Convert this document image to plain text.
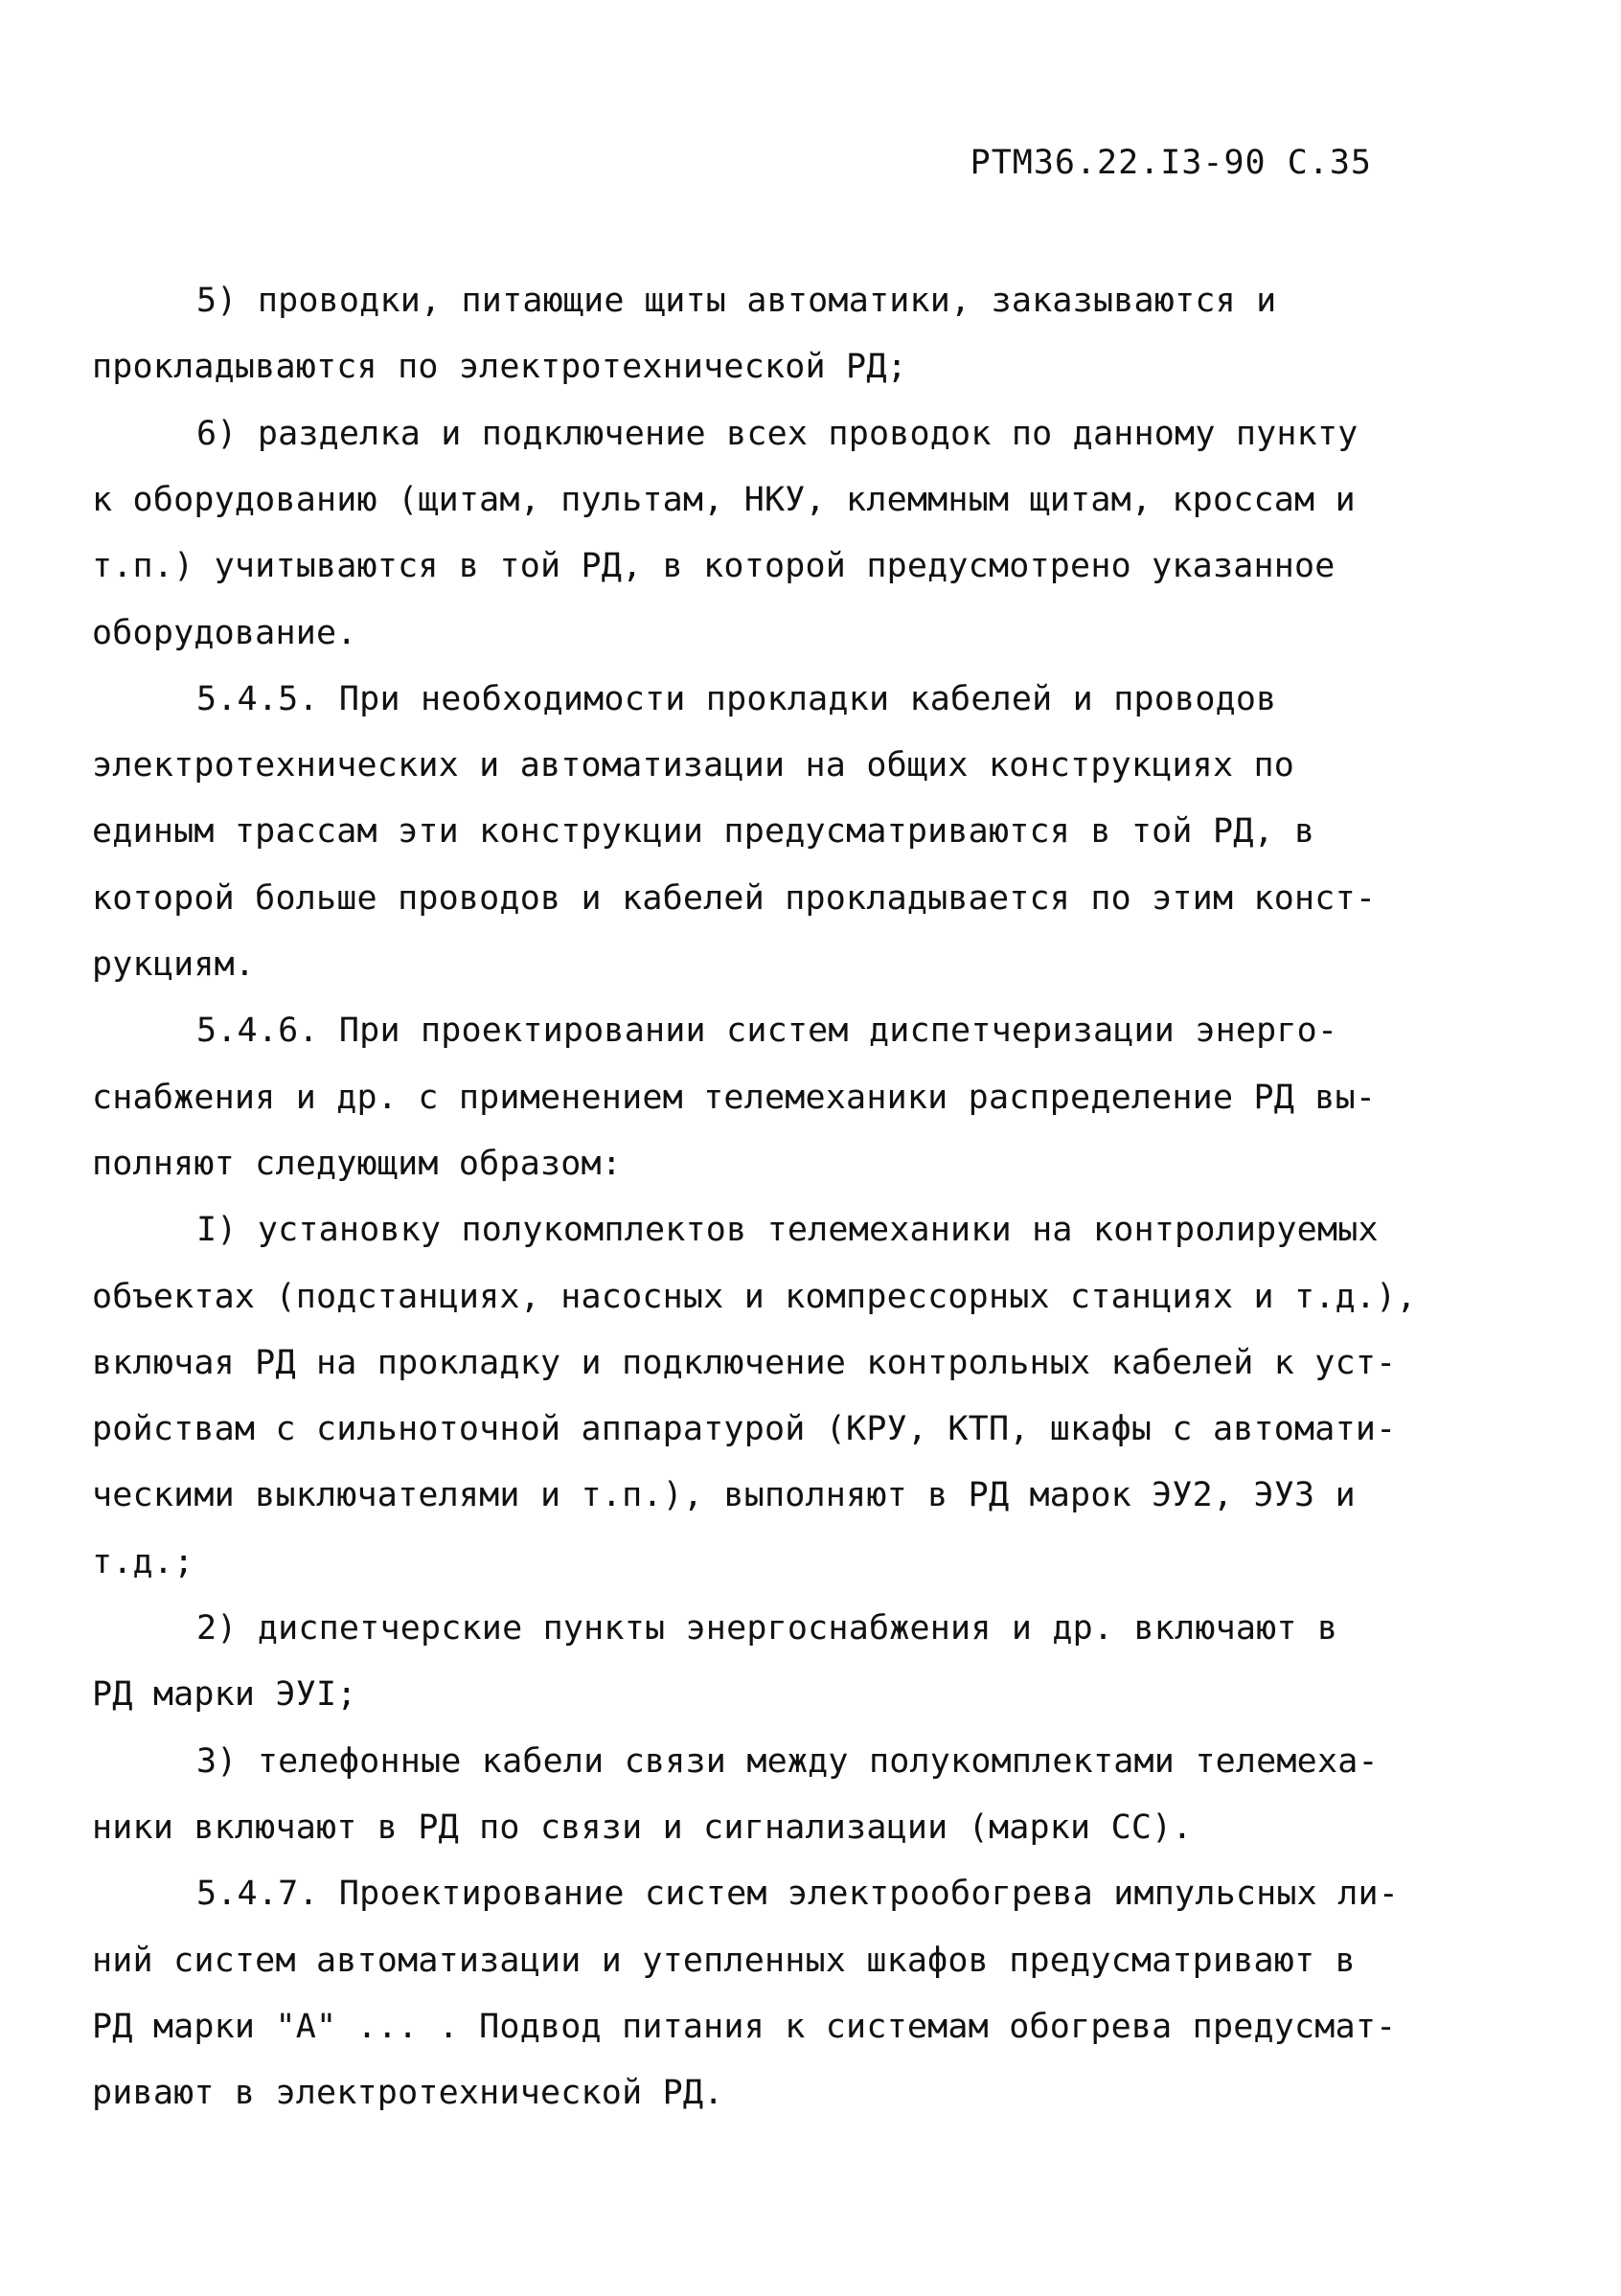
РТМ36.22.I3-90 С.35
5) проводки, питающие щиты автоматики, заказываются и
прокладываются по электротехнической РД;
6) разделка и подключение всех проводок по данному пункту
к оборудованию (щитам, пультам, НКУ, клеммным щитам, кроссам и
т.п.) учитываются в той РД, в которой предусмотрено указанное
оборудование.
5.4.5. При необходимости прокладки кабелей и проводов
электротехнических и автоматизации на общих конструкциях по
единым трассам эти конструкции предусматриваются в той РД, в
которой больше проводов и кабелей прокладывается по этим конст-
рукциям.
5.4.6. При проектировании систем диспетчеризации энерго-
снабжения и др. с применением телемеханики распределение РД вы-
полняют следующим образом:
I) установку полукомплектов телемеханики на контролируемых
объектах (подстанциях, насосных и компрессорных станциях и т.д.),
включая РД на прокладку и подключение контрольных кабелей к уст-
ройствам с сильноточной аппаратурой (КРУ, КТП, шкафы с автомати-
ческими выключателями и т.п.), выполняют в РД марок ЭУ2, ЭУЗ и
т.д.;
2) диспетчерские пункты энергоснабжения и др. включают в
РД марки ЭУI;
3) телефонные кабели связи между полукомплектами телемеха-
ники включают в РД по связи и сигнализации (марки СС).
5.4.7. Проектирование систем электрообогрева импульсных ли-
ний систем автоматизации и утепленных шкафов предусматривают в
РД марки "А" ... . Подвод питания к системам обогрева предусмат-
ривают в электротехнической РД.
